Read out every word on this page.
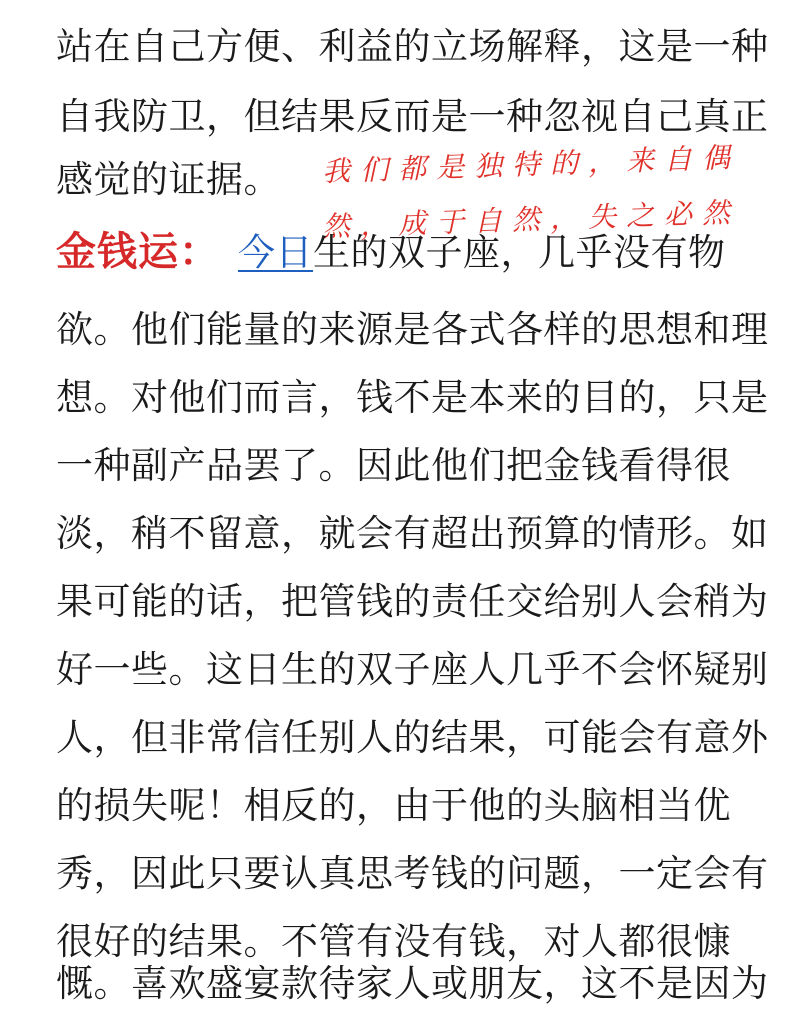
站在自己方便、利益的立场解释，这是一种
自我防卫，但结果反而是一种忽视自己真正
感觉的证据。 我们都是独特的，来自偶
然，成于自然，失之必然
金钱运： 今日生的双子座，几乎没有物
欲。他们能量的来源是各式各样的思想和理
想。对他们而言，钱不是本来的目的，只是
一种副产品罢了。因此他们把金钱看得很
淡，稍不留意，就会有超出预算的情形。如
果可能的话，把管钱的责任交给别人会稍为
好一些。这日生的双子座人几乎不会怀疑别
人，但非常信任别人的结果，可能会有意外
的损失呢！相反的，由于他的头脑相当优
秀，因此只要认真思考钱的问题，一定会有
很好的结果。不管有没有钱，对人都很慷
慨。喜欢盛宴款待家人或朋友，这不是因为
